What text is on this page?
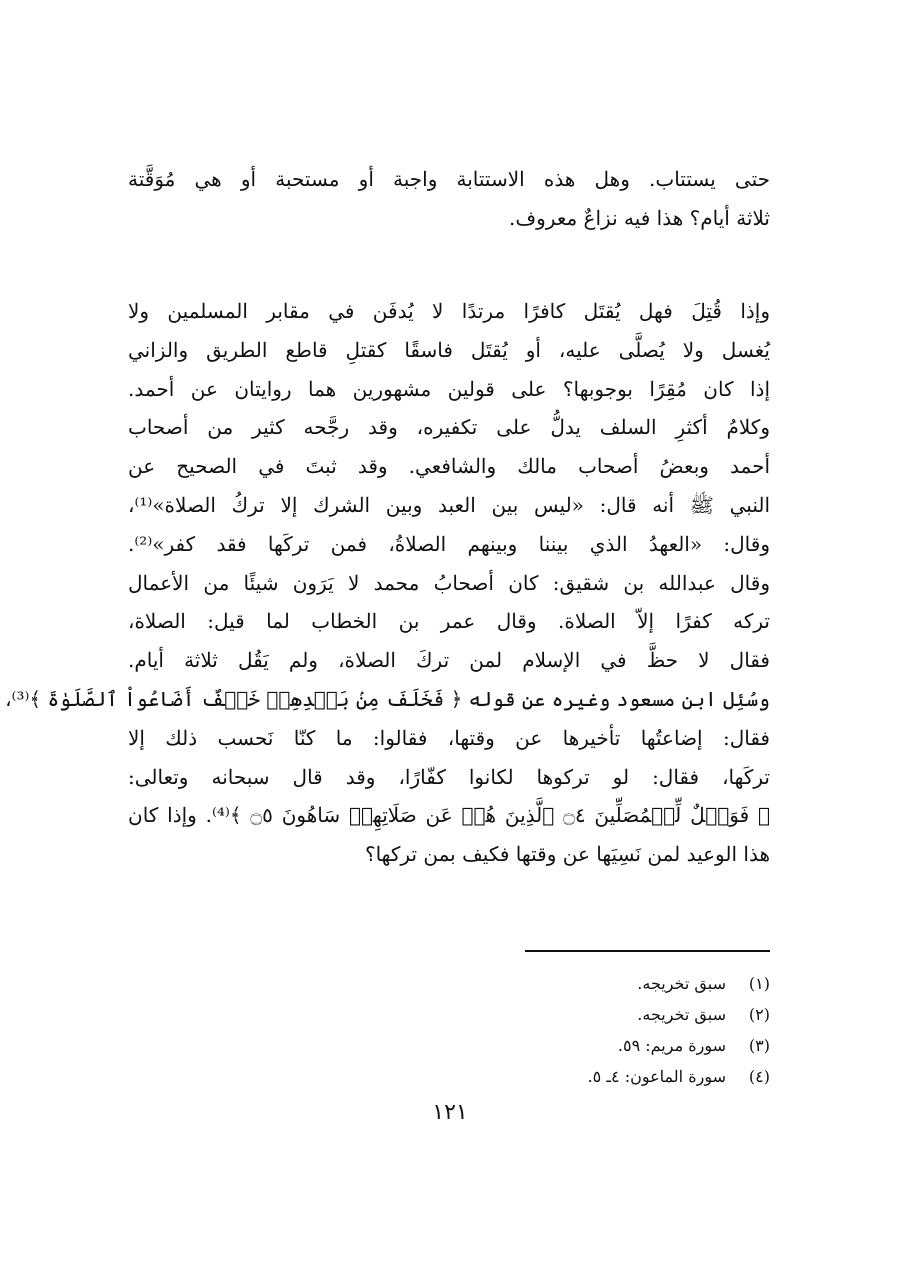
حتى يستتاب. وهل هذه الاستتابة واجبة أو مستحبة أو هي مُوَقَّتة
ثلاثة أيام؟ هذا فيه نزاعٌ معروف.
وإذا قُتِلَ فهل يُقتَل كافرًا مرتدًا لا يُدفَن في مقابر المسلمين ولا
يُغسل ولا يُصلَّى عليه، أو يُقتَل فاسقًا كقتلِ قاطع الطريق والزاني
إذا كان مُقِرًا بوجوبها؟ على قولين مشهورين هما روايتان عن أحمد.
وكلامُ أكثرِ السلف يدلُّ على تكفيره، وقد رجَّحه كثير من أصحاب
أحمد وبعضُ أصحاب مالك والشافعي. وقد ثبتَ في الصحيح عن
النبي ﷺ أنه قال: «ليس بين العبد وبين الشرك إلا تركُ الصلاة»⁽¹⁾،
وقال: «العهدُ الذي بيننا وبينهم الصلاةُ، فمن تركَها فقد كفر»⁽²⁾.
وقال عبدالله بن شقيق: كان أصحابُ محمد لا يَرَون شيئًا من الأعمال
تركه كفرًا إلاّ الصلاة. وقال عمر بن الخطاب لما قيل: الصلاة،
فقال لا حظَّ في الإسلام لمن تركَ الصلاة، ولم يَقُل ثلاثة أيام.
وسُئِل ابن مسعود وغيره عن قوله ﴿ فَخَلَفَ مِنۢ بَعۡدِهِمۡ خَلۡفٌ أَضَاعُواْ ٱلصَّلَوٰةَ ﴾⁽³⁾،
فقال: إضاعتُها تأخيرها عن وقتها، فقالوا: ما كنّا نَحسب ذلك إلا
تركَها، فقال: لو تركوها لكانوا كفّارًا، وقد قال سبحانه وتعالى:
﴿ فَوَيۡلٌ لِّلۡمُصَلِّينَ ۝٤ ٱلَّذِينَ هُمۡ عَن صَلَاتِهِمۡ سَاهُونَ ۝٥ ﴾⁽⁴⁾. وإذا كان
هذا الوعيد لمن نَسِيَها عن وقتها فكيف بمن تركها؟
(١)سبق تخريجه.
(٢)سبق تخريجه.
(٣)سورة مريم: ٥٩.
(٤)سورة الماعون: ٤ـ ٥.
١٢١
